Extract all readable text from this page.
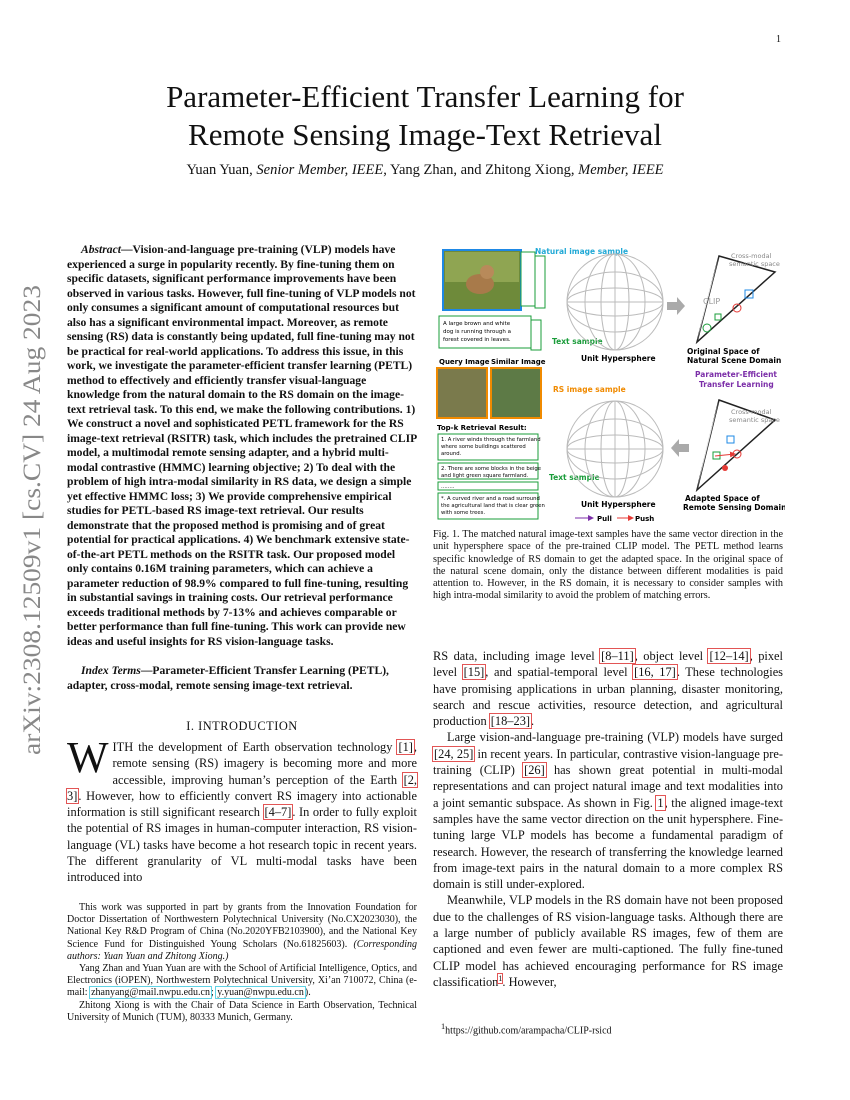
1
arXiv:2308.12509v1 [cs.CV] 24 Aug 2023
Parameter-Efficient Transfer Learning for
Remote Sensing Image-Text Retrieval
Yuan Yuan, Senior Member, IEEE, Yang Zhan, and Zhitong Xiong, Member, IEEE
Abstract—Vision-and-language pre-training (VLP) models have experienced a surge in popularity recently. By fine-tuning them on specific datasets, significant performance improvements have been observed in various tasks. However, full fine-tuning of VLP models not only consumes a significant amount of computational resources but also has a significant environmental impact. Moreover, as remote sensing (RS) data is constantly being updated, full fine-tuning may not be practical for real-world applications. To address this issue, in this work, we investigate the parameter-efficient transfer learning (PETL) method to effectively and efficiently transfer visual-language knowledge from the natural domain to the RS domain on the image-text retrieval task. To this end, we make the following contributions. 1) We construct a novel and sophisticated PETL framework for the RS image-text retrieval (RSITR) task, which includes the pretrained CLIP model, a multimodal remote sensing adapter, and a hybrid multi-modal contrastive (HMMC) learning objective; 2) To deal with the problem of high intra-modal similarity in RS data, we design a simple yet effective HMMC loss; 3) We provide comprehensive empirical studies for PETL-based RS image-text retrieval. Our results demonstrate that the proposed method is promising and of great potential for practical applications. 4) We benchmark extensive state-of-the-art PETL methods on the RSITR task. Our proposed model only contains 0.16M training parameters, which can achieve a parameter reduction of 98.9% compared to full fine-tuning, resulting in substantial savings in training costs. Our retrieval performance exceeds traditional methods by 7-13% and achieves comparable or better performance than full fine-tuning. This work can provide new ideas and useful insights for RS vision-language tasks.
Index Terms—Parameter-Efficient Transfer Learning (PETL), adapter, cross-modal, remote sensing image-text retrieval.
I. INTRODUCTION
WITH the development of Earth observation technology [1], remote sensing (RS) imagery is becoming more and more accessible, improving human’s perception of the Earth [2, 3]. However, how to efficiently convert RS imagery into actionable information is still significant research [4–7]. In order to fully exploit the potential of RS images in human-computer interaction, RS vision-language (VL) tasks have become a hot research topic in recent years. The different granularity of VL multi-modal tasks have been introduced into

This work was supported in part by grants from the Innovation Foundation for Doctor Dissertation of Northwestern Polytechnical University (No.CX2023030), the National Key R&D Program of China (No.2020YFB2103900), and the National Key Science Fund for Distinguished Young Scholars (No.61825603). (Corresponding authors: Yuan Yuan and Zhitong Xiong.)

Yang Zhan and Yuan Yuan are with the School of Artificial Intelligence, Optics, and Electronics (iOPEN), Northwestern Polytechnical University, Xi’an 710072, China (e-mail: zhanyang@mail.nwpu.edu.cn; y.yuan@nwpu.edu.cn).

Zhitong Xiong is with the Chair of Data Science in Earth Observation, Technical University of Munich (TUM), 80333 Munich, Germany.

Natural image sample
A large brown and white
dog is running through a
forest covered in leaves.	Text sample
Query Image Similar Image
RS image sample
Top-k Retrieval Result:
1. A river winds through the farmland
where some buildings scattered
around.
2. There are some blocks in the beige
and light green square farmland.
........
*. A curved river and a road surround
the agricultural land that is clear green
with some trees.
Text sample
Unit Hypersphere
Unit Hypersphere
CLIP
Cross-modal
semantic space
Original Space of
Natural Scene Domain
Parameter-Efficient
Transfer Learning
Cross-modal
semantic space
Adapted Space of
Remote Sensing Domain
Pull	Push
Fig. 1. The matched natural image-text samples have the same vector direction in the unit hypersphere space of the pre-trained CLIP model. The PETL method learns specific knowledge of RS domain to get the adapted space. In the original space of the natural scene domain, only the distance between different modalities is paid attention to. However, in the RS domain, it is necessary to consider samples with high intra-modal similarity to avoid the problem of matching errors.

RS data, including image level [8–11], object level [12–14], pixel level [15], and spatial-temporal level [16, 17]. These technologies have promising applications in urban planning, disaster monitoring, search and rescue activities, resource detection, and agricultural production [18–23].

Large vision-and-language pre-training (VLP) models have surged [24, 25] in recent years. In particular, contrastive vision-language pre-training (CLIP) [26] has shown great potential in multi-modal representations and can project natural image and text modalities into a joint semantic subspace. As shown in Fig. 1, the aligned image-text samples have the same vector direction on the unit hypersphere. Fine-tuning large VLP models has become a fundamental paradigm of research. However, the research of transferring the knowledge learned from image-text pairs in the natural domain to a more complex RS domain is still under-explored.

Meanwhile, VLP models in the RS domain have not been proposed due to the challenges of RS vision-language tasks. Although there are a large number of publicly available RS images, few of them are captioned and even fewer are multi-captioned. The fully fine-tuned CLIP model has achieved encouraging performance for RS image classification$^1$. However,

$^1$https://github.com/arampacha/CLIP-rsicd
